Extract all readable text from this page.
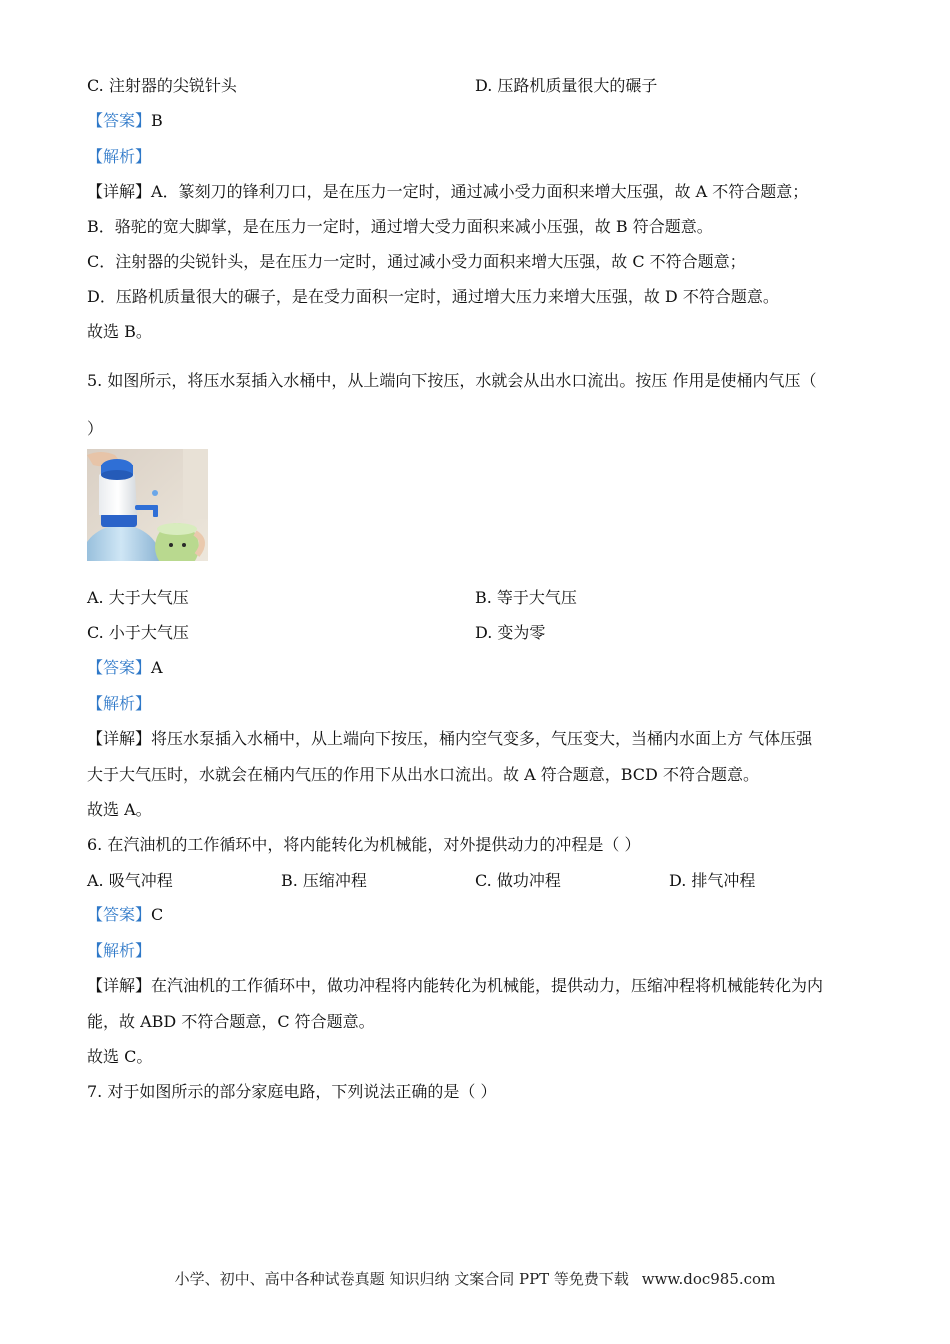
C. 注射器的尖锐针头	D. 压路机质量很大的碾子
【答案】B
【解析】
【详解】A．篆刻刀的锋利刀口，是在压力一定时，通过减小受力面积来增大压强，故 A 不符合题意；
B．骆驼的宽大脚掌，是在压力一定时，通过增大受力面积来减小压强，故 B 符合题意。
C．注射器的尖锐针头，是在压力一定时，通过减小受力面积来增大压强，故 C 不符合题意；
D．压路机质量很大的碾子，是在受力面积一定时，通过增大压力来增大压强，故 D 不符合题意。
故选 B。
5. 如图所示，将压水泵插入水桶中，从上端向下按压，水就会从出水口流出。按压 作用是使桶内气压（
）
A. 大于大气压	B. 等于大气压
C. 小于大气压	D. 变为零
【答案】A
【解析】
【详解】将压水泵插入水桶中，从上端向下按压，桶内空气变多，气压变大，当桶内水面上方 气体压强
大于大气压时，水就会在桶内气压的作用下从出水口流出。故 A 符合题意，BCD 不符合题意。
故选 A。
6. 在汽油机的工作循环中，将内能转化为机械能，对外提供动力的冲程是（ ）
A. 吸气冲程	B. 压缩冲程	C. 做功冲程	D. 排气冲程
【答案】C
【解析】
【详解】在汽油机的工作循环中，做功冲程将内能转化为机械能，提供动力，压缩冲程将机械能转化为内
能，故 ABD 不符合题意，C 符合题意。
故选 C。
7. 对于如图所示的部分家庭电路，下列说法正确的是（ ）
小学、初中、高中各种试卷真题 知识归纳 文案合同 PPT 等免费下载 www.doc985.com
